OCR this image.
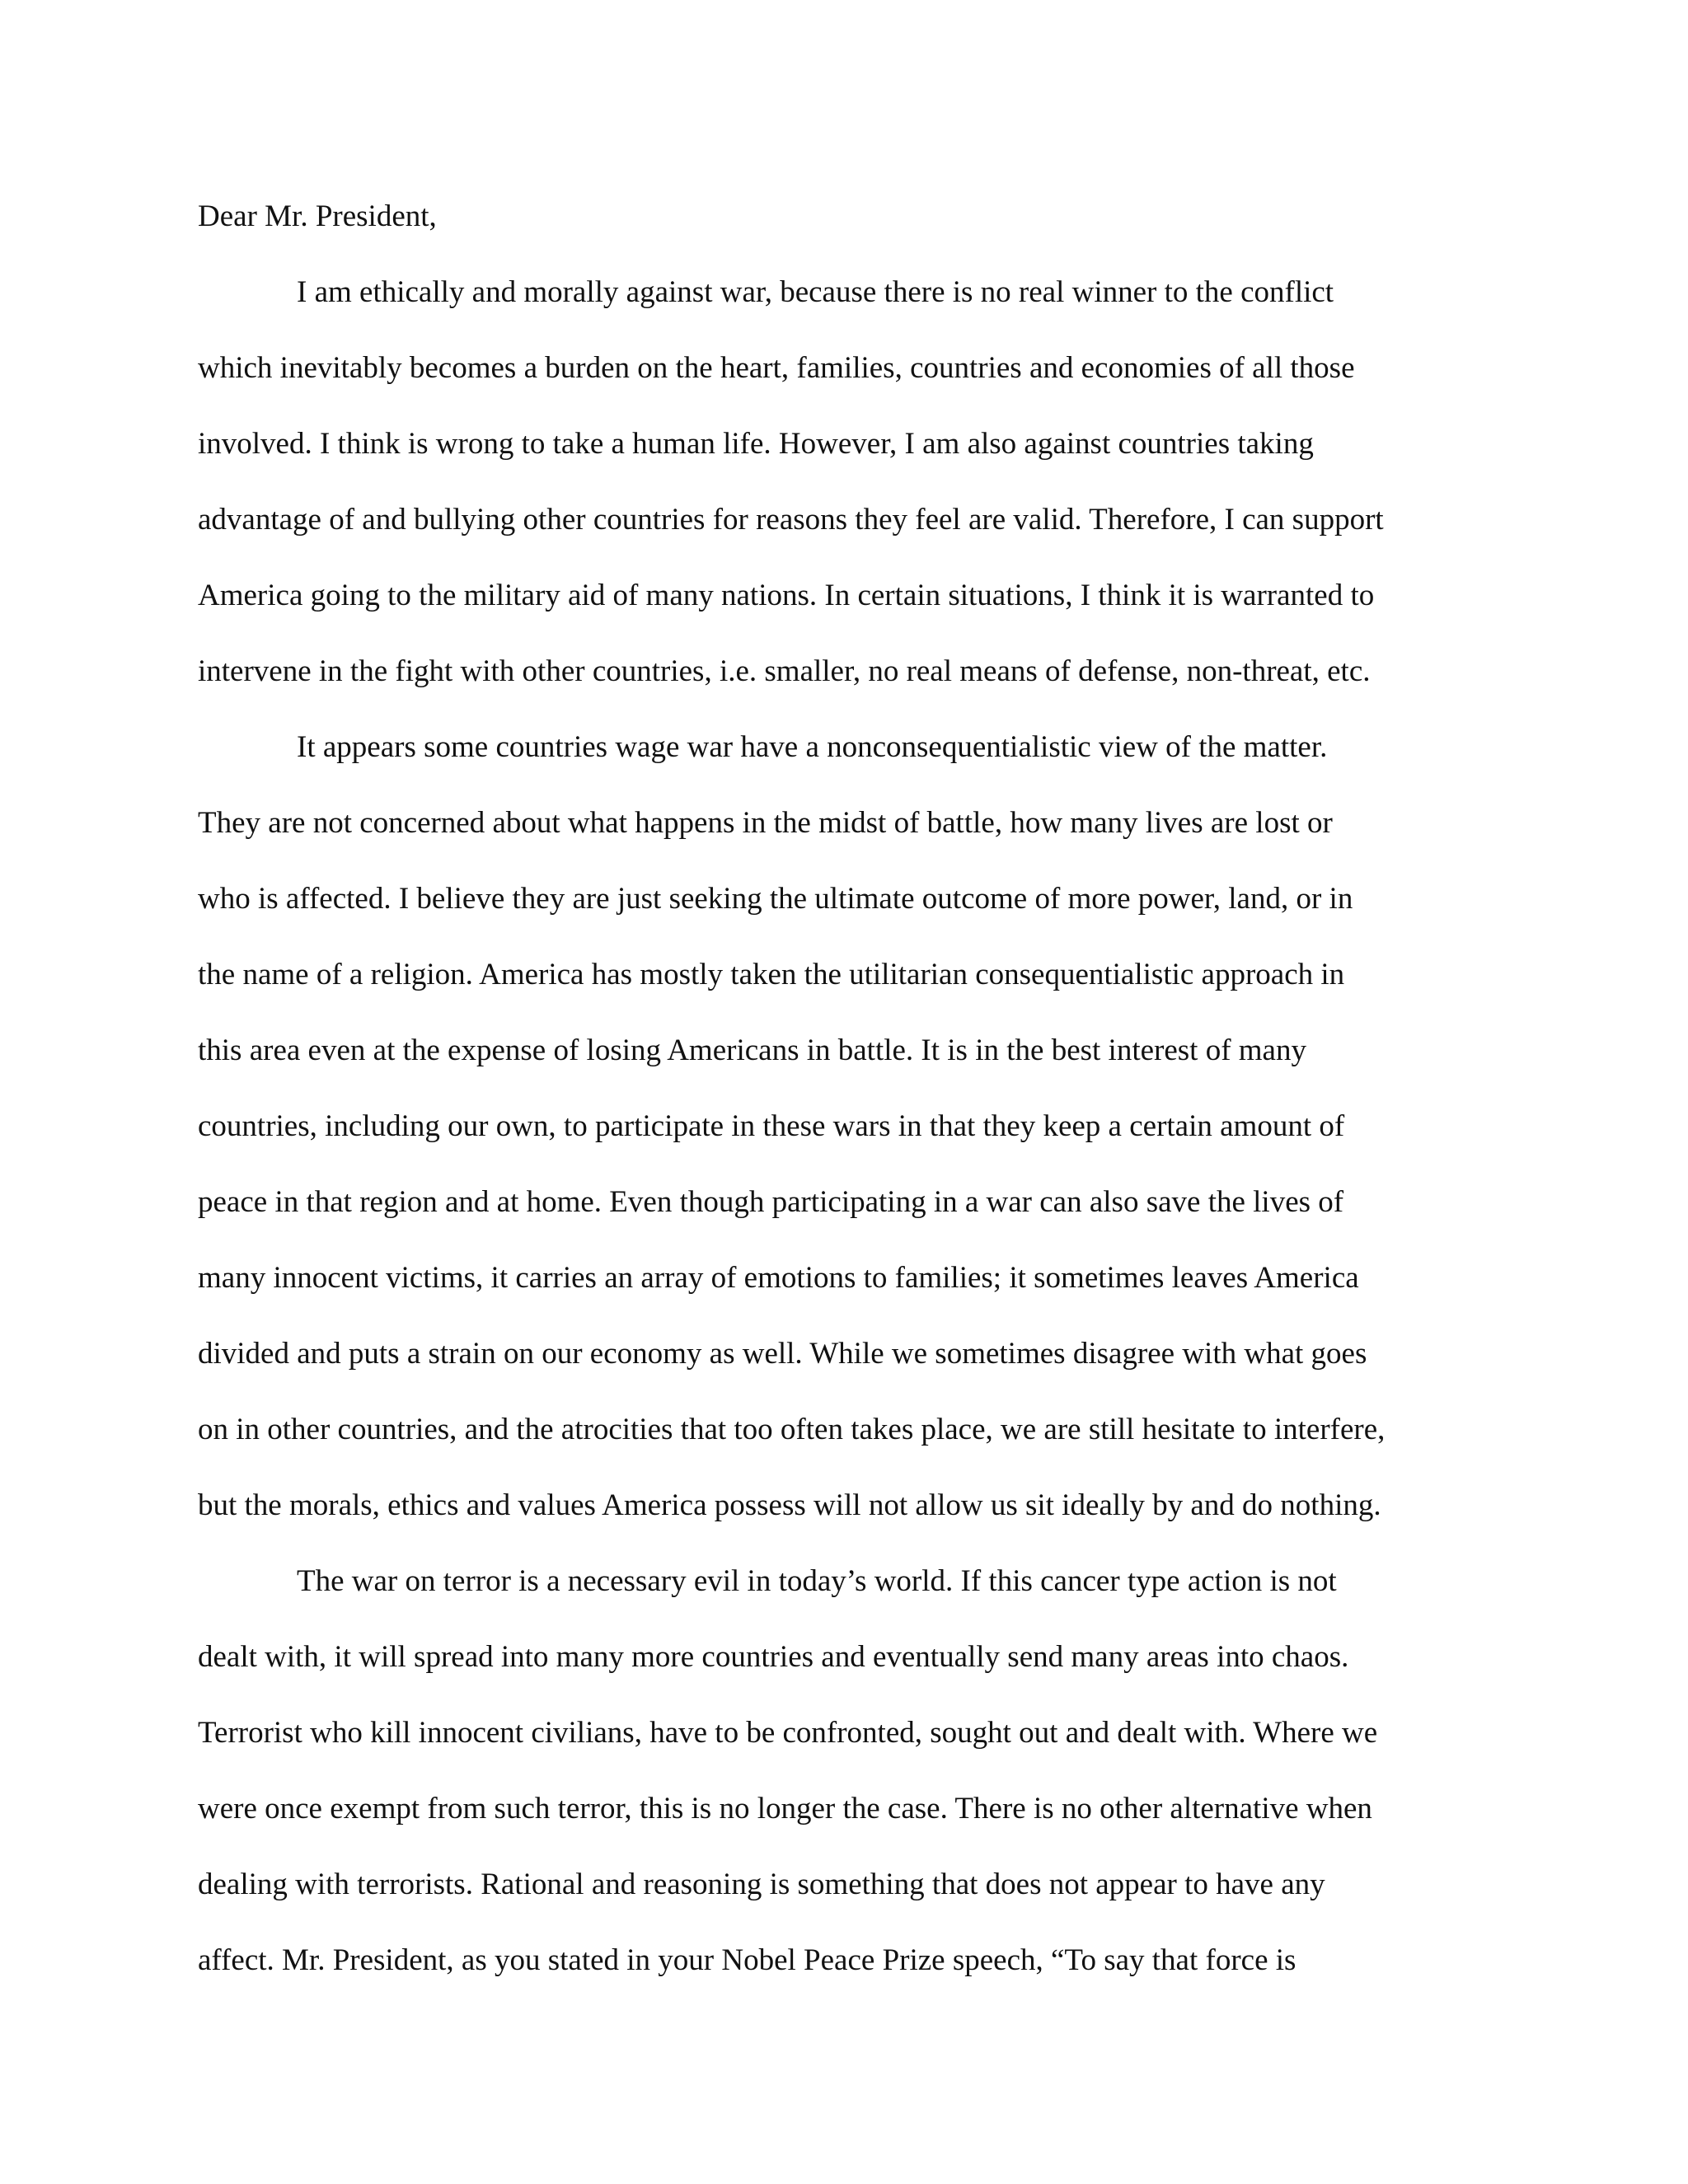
Dear Mr. President,
I am ethically and morally against war, because there is no real winner to the conflict
which inevitably becomes a burden on the heart, families, countries and economies of all those
involved. I think is wrong to take a human life. However, I am also against countries taking
advantage of and bullying other countries for reasons they feel are valid. Therefore, I can support
America going to the military aid of many nations. In certain situations, I think it is warranted to
intervene in the fight with other countries, i.e. smaller, no real means of defense, non-threat, etc.
It appears some countries wage war have a nonconsequentialistic view of the matter.
They are not concerned about what happens in the midst of battle, how many lives are lost or
who is affected. I believe they are just seeking the ultimate outcome of more power, land, or in
the name of a religion. America has mostly taken the utilitarian consequentialistic approach in
this area even at the expense of losing Americans in battle. It is in the best interest of many
countries, including our own, to participate in these wars in that they keep a certain amount of
peace in that region and at home. Even though participating in a war can also save the lives of
many innocent victims, it carries an array of emotions to families; it sometimes leaves America
divided and puts a strain on our economy as well. While we sometimes disagree with what goes
on in other countries, and the atrocities that too often takes place, we are still hesitate to interfere,
but the morals, ethics and values America possess will not allow us sit ideally by and do nothing.
The war on terror is a necessary evil in today’s world. If this cancer type action is not
dealt with, it will spread into many more countries and eventually send many areas into chaos.
Terrorist who kill innocent civilians, have to be confronted, sought out and dealt with. Where we
were once exempt from such terror, this is no longer the case. There is no other alternative when
dealing with terrorists. Rational and reasoning is something that does not appear to have any
affect. Mr. President, as you stated in your Nobel Peace Prize speech, “To say that force is
